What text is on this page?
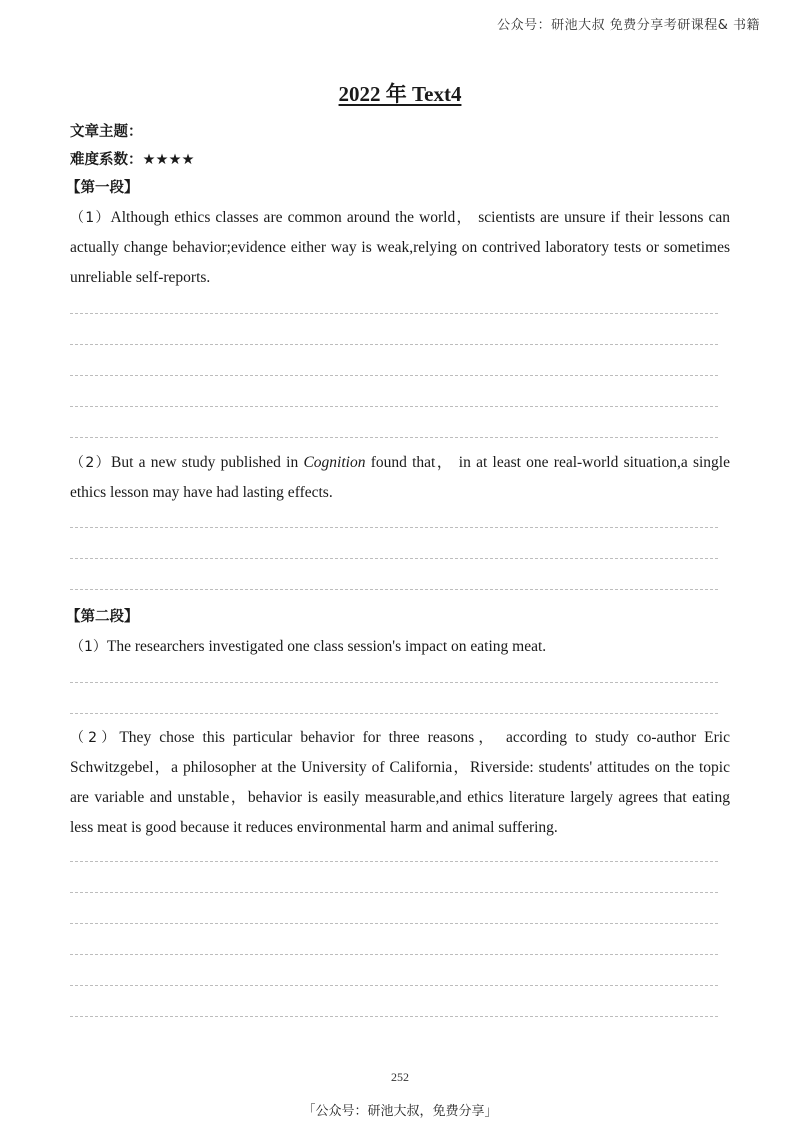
公众号：研池大叔 免费分享考研课程& 书籍
2022 年 Text4
文章主题：
难度系数：★★★★
【第一段】
（1）Although ethics classes are common around the world， scientists are unsure if their lessons can actually change behavior;evidence either way is weak,relying on contrived laboratory tests or sometimes unreliable self-reports.
（2）But a new study published in Cognition found that， in at least one real-world situation,a single ethics lesson may have had lasting effects.
【第二段】
（1）The researchers investigated one class session's impact on eating meat.
（2）They chose this particular behavior for three reasons， according to study co-author Eric Schwitzgebel，a philosopher at the University of California，Riverside: students' attitudes on the topic are variable and unstable，behavior is easily measurable,and ethics literature largely agrees that eating less meat is good because it reduces environmental harm and animal suffering.
252
「公众号：研池大叔，免费分享」
